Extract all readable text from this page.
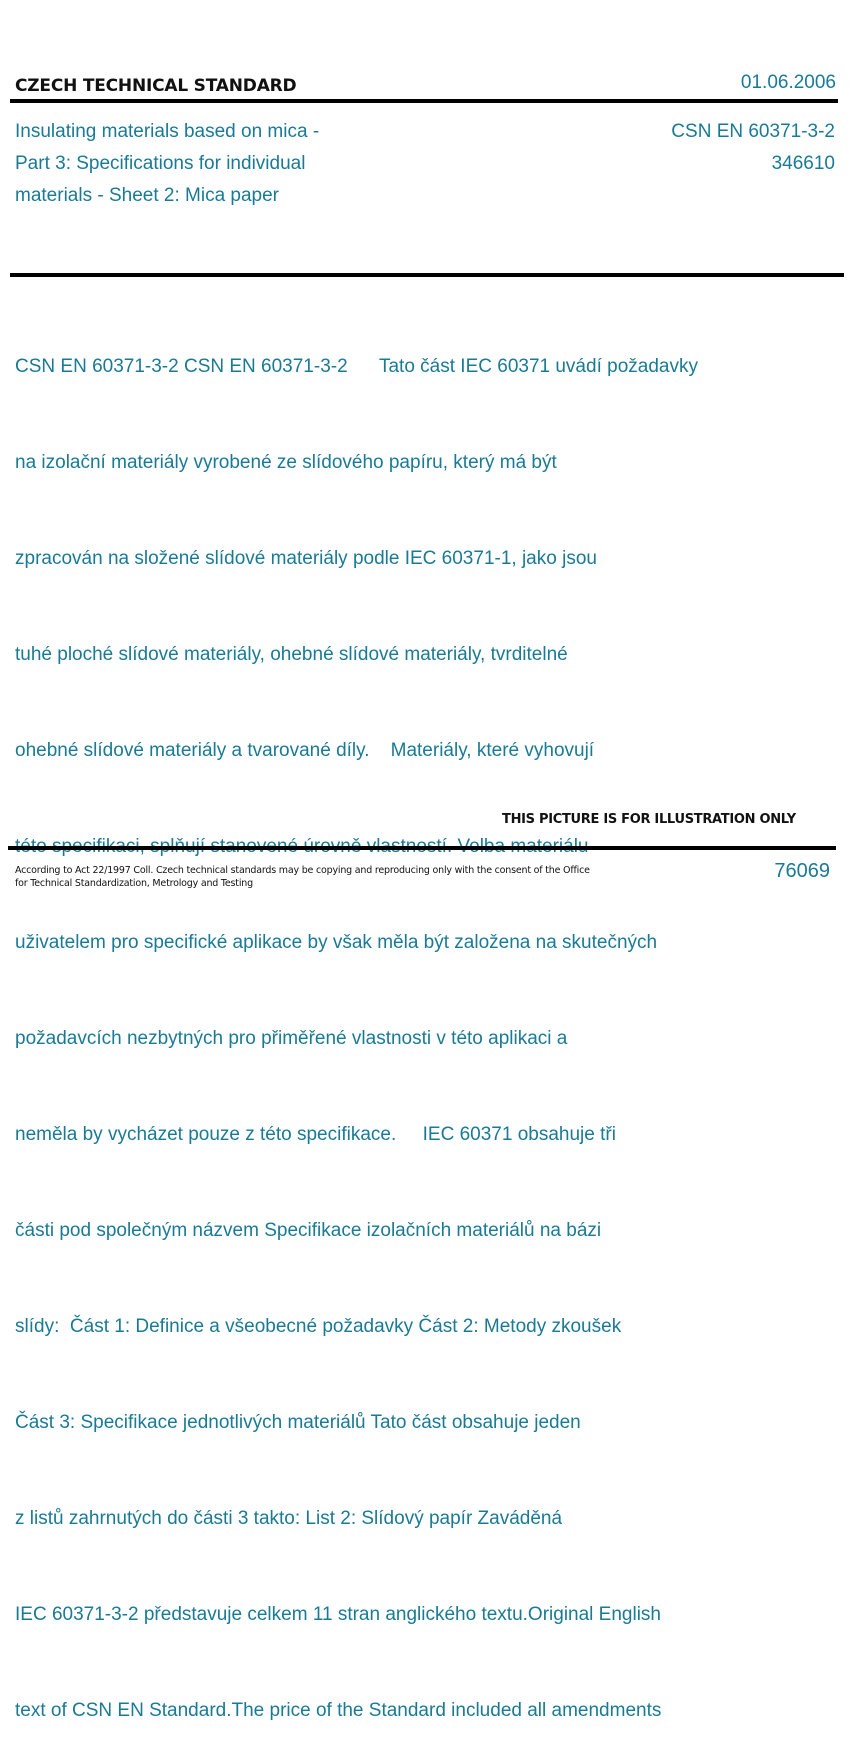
CZECH TECHNICAL STANDARD	01.06.2006
Insulating materials based on mica -
Part 3: Specifications for individual
materials - Sheet 2: Mica paper
CSN EN 60371-3-2
346610

CSN EN 60371-3-2 CSN EN 60371-3-2      Tato část IEC 60371 uvádí požadavky

na izolační materiály vyrobené ze slídového papíru, který má být

zpracován na složené slídové materiály podle IEC 60371-1, jako jsou

tuhé ploché slídové materiály, ohebné slídové materiály, tvrditelné

ohebné slídové materiály a tvarované díly.    Materiály, které vyhovují

uživatelem pro specifické aplikace by však měla být založena na skutečných

požadavcích nezbytných pro přiměřené vlastnosti v této aplikaci a

neměla by vycházet pouze z této specifikace.     IEC 60371 obsahuje tři

části pod společným názvem Specifikace izolačních materiálů na bázi

slídy:  Část 1: Definice a všeobecné požadavky Část 2: Metody zkoušek

Část 3: Specifikace jednotlivých materiálů Tato část obsahuje jeden

z listů zahrnutých do části 3 takto: List 2: Slídový papír Zaváděná

IEC 60371-3-2 představuje celkem 11 stran anglického textu.Original English

text of CSN EN Standard.The price of the Standard included all amendments

THIS PICTURE IS FOR ILLUSTRATION ONLY
According to Act 22/1997 Coll. Czech technical standards may be copying and reproducing only with the consent of the Office
for Technical Standardization, Metrology and Testing
76069
